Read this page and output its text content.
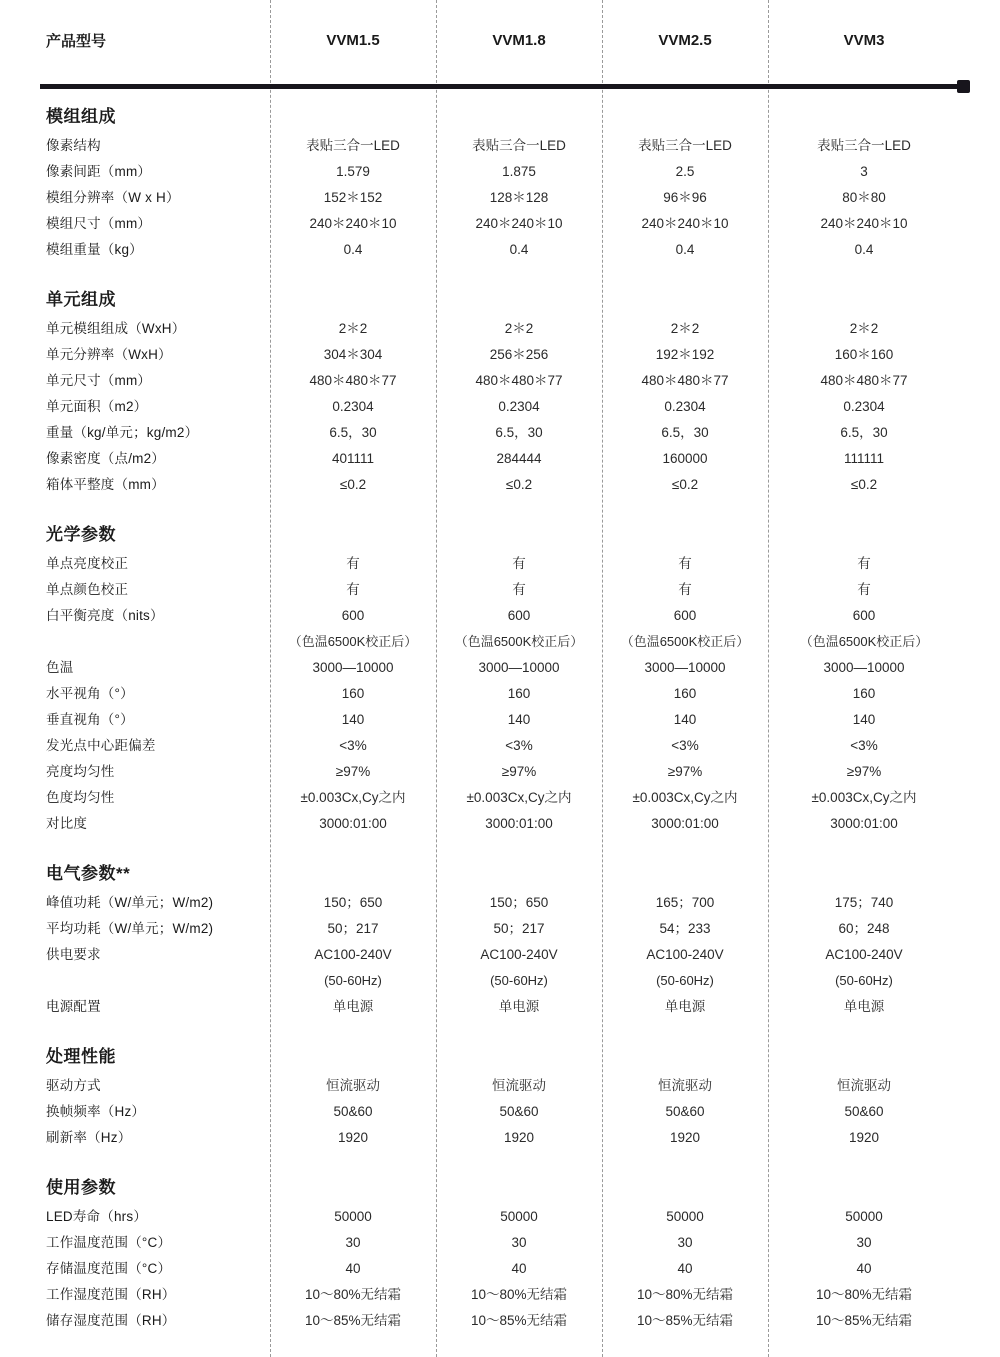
产品型号	VVM1.5	VVM1.8	VVM2.5	VVM3

模组组成				
像素结构	表贴三合一LED	表贴三合一LED	表贴三合一LED	表贴三合一LED
像素间距（mm）	1.579	1.875	2.5	3
模组分辨率（W x H）	152＊152	128＊128	96＊96	80＊80
模组尺寸（mm）	240＊240＊10	240＊240＊10	240＊240＊10	240＊240＊10
模组重量（kg）	0.4	0.4	0.4	0.4
单元组成				
单元模组组成（WxH）	2＊2	2＊2	2＊2	2＊2
单元分辨率（WxH）	304＊304	256＊256	192＊192	160＊160
单元尺寸（mm）	480＊480＊77	480＊480＊77	480＊480＊77	480＊480＊77
单元面积（m2）	0.2304	0.2304	0.2304	0.2304
重量（kg/单元；kg/m2）	6.5，30	6.5，30	6.5，30	6.5，30
像素密度（点/m2）	401111	284444	160000	111111
箱体平整度（mm）	≤0.2	≤0.2	≤0.2	≤0.2
光学参数				
单点亮度校正	有	有	有	有
单点颜色校正	有	有	有	有
白平衡亮度（nits）	600	600	600	600
	（色温6500K校正后）	（色温6500K校正后）	（色温6500K校正后）	（色温6500K校正后）
色温	3000—10000	3000—10000	3000—10000	3000—10000
水平视角（°）	160	160	160	160
垂直视角（°）	140	140	140	140
发光点中心距偏差	<3%	<3%	<3%	<3%
亮度均匀性	≥97%	≥97%	≥97%	≥97%
色度均匀性	±0.003Cx,Cy之内	±0.003Cx,Cy之内	±0.003Cx,Cy之内	±0.003Cx,Cy之内
对比度	3000:01:00	3000:01:00	3000:01:00	3000:01:00
电气参数**				
峰值功耗（W/单元；W/m2)	150；650	150；650	165；700	175；740
平均功耗（W/单元；W/m2)	50；217	50；217	54；233	60；248
供电要求	AC100-240V	AC100-240V	AC100-240V	AC100-240V
	(50-60Hz)	(50-60Hz)	(50-60Hz)	(50-60Hz)
电源配置	单电源	单电源	单电源	单电源
处理性能				
驱动方式	恒流驱动	恒流驱动	恒流驱动	恒流驱动
换帧频率（Hz）	50&60	50&60	50&60	50&60
刷新率（Hz）	1920	1920	1920	1920
使用参数				
LED寿命（hrs）	50000	50000	50000	50000
工作温度范围（°C）	30	30	30	30
存储温度范围（°C）	40	40	40	40
工作湿度范围（RH）	10～80%无结霜	10～80%无结霜	10～80%无结霜	10～80%无结霜
储存湿度范围（RH）	10～85%无结霜	10～85%无结霜	10～85%无结霜	10～85%无结霜
